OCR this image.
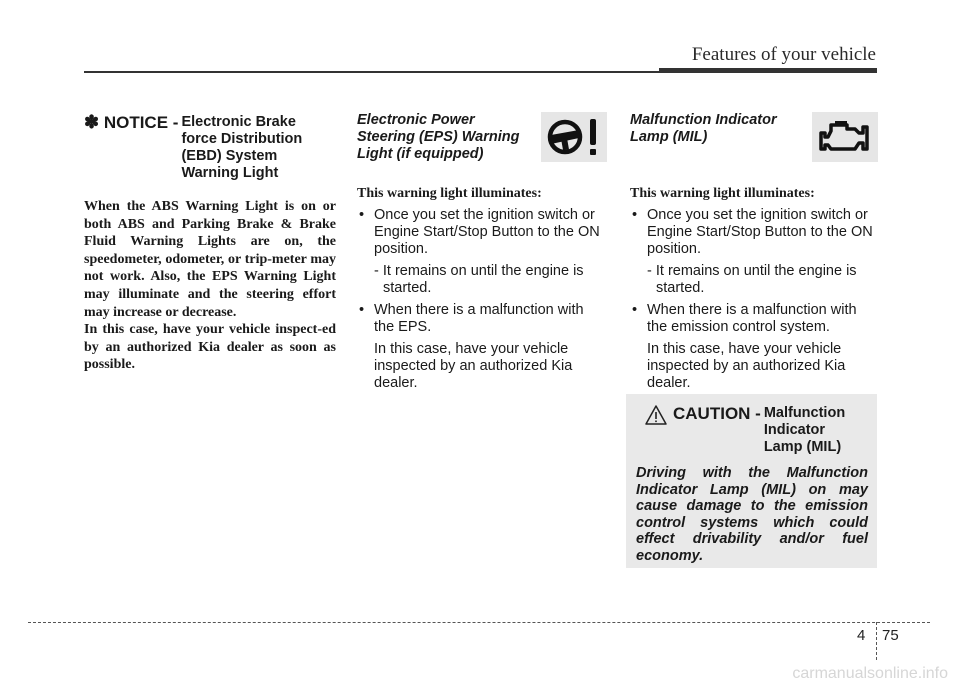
Features of your vehicle
✽ NOTICE - Electronic Brake
force Distribution
(EBD) System
Warning Light

When the ABS Warning Light is on or both ABS and Parking Brake & Brake Fluid Warning Lights are on, the speedometer, odometer, or trip-meter may not work. Also, the EPS Warning Light may illuminate and the steering effort may increase or decrease.

In this case, have your vehicle inspect-ed by an authorized Kia dealer as soon as possible.

Electronic Power
Steering (EPS) Warning
Light (if equipped)
This warning light illuminates:
• Once you set the ignition switch or Engine Start/Stop Button to the ON position.
- It remains on until the engine is started.
• When there is a malfunction with the EPS.
In this case, have your vehicle inspected by an authorized Kia dealer.
Malfunction Indicator
Lamp (MIL)
This warning light illuminates:
• Once you set the ignition switch or Engine Start/Stop Button to the ON position.
- It remains on until the engine is started.
• When there is a malfunction with the emission control system.
In this case, have your vehicle inspected by an authorized Kia dealer.
CAUTION - Malfunction
Indicator
Lamp (MIL)
Driving with the Malfunction Indicator Lamp (MIL) on may cause damage to the emission control systems which could effect drivability and/or fuel economy.
4 75
carmanualsonline.info
